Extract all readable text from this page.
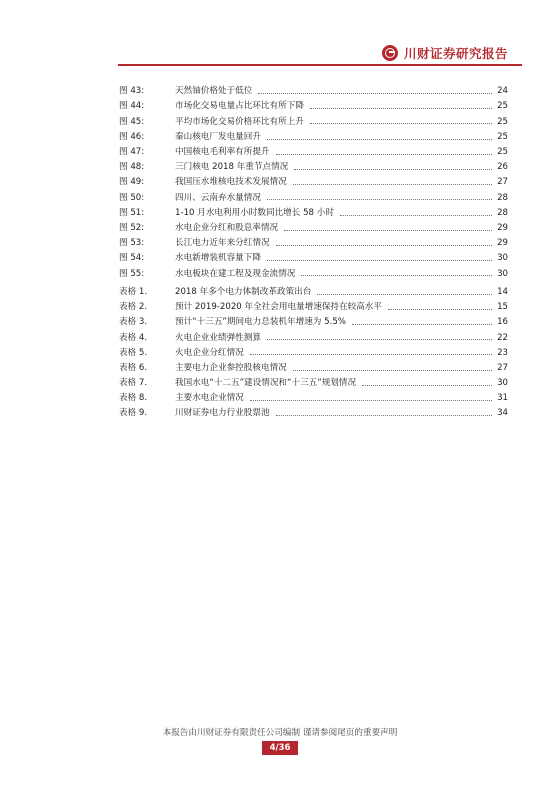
川财证券研究报告
图 43:	天然铀价格处于低位	24
图 44:	市场化交易电量占比环比有所下降	25
图 45:	平均市场化交易价格环比有所上升	25
图 46:	秦山核电厂发电量回升	25
图 47:	中国核电毛利率有所提升	25
图 48:	三门核电 2018 年重节点情况	26
图 49:	我国压水堆核电技术发展情况	27
图 50:	四川、云南弃水量情况	28
图 51:	1-10 月水电利用小时数同比增长 58 小时	28
图 52:	水电企业分红和股息率情况	29
图 53:	长江电力近年来分红情况	29
图 54:	水电新增装机容量下降	30
图 55:	水电板块在建工程及现金流情况	30
表格 1.	2018 年多个电力体制改革政策出台	14
表格 2.	预计 2019-2020 年全社会用电量增速保持在较高水平	15
表格 3.	预计“十三五”期间电力总装机年增速为 5.5%	16
表格 4.	火电企业业绩弹性测算	22
表格 5.	火电企业分红情况	23
表格 6.	主要电力企业参控股核电情况	27
表格 7.	我国水电“十二五”建设情况和“十三五”规划情况	30
表格 8.	主要水电企业情况	31
表格 9.	川财证券电力行业股票池	34
本报告由川财证券有限责任公司编制 谨请参阅尾页的重要声明
4/36
